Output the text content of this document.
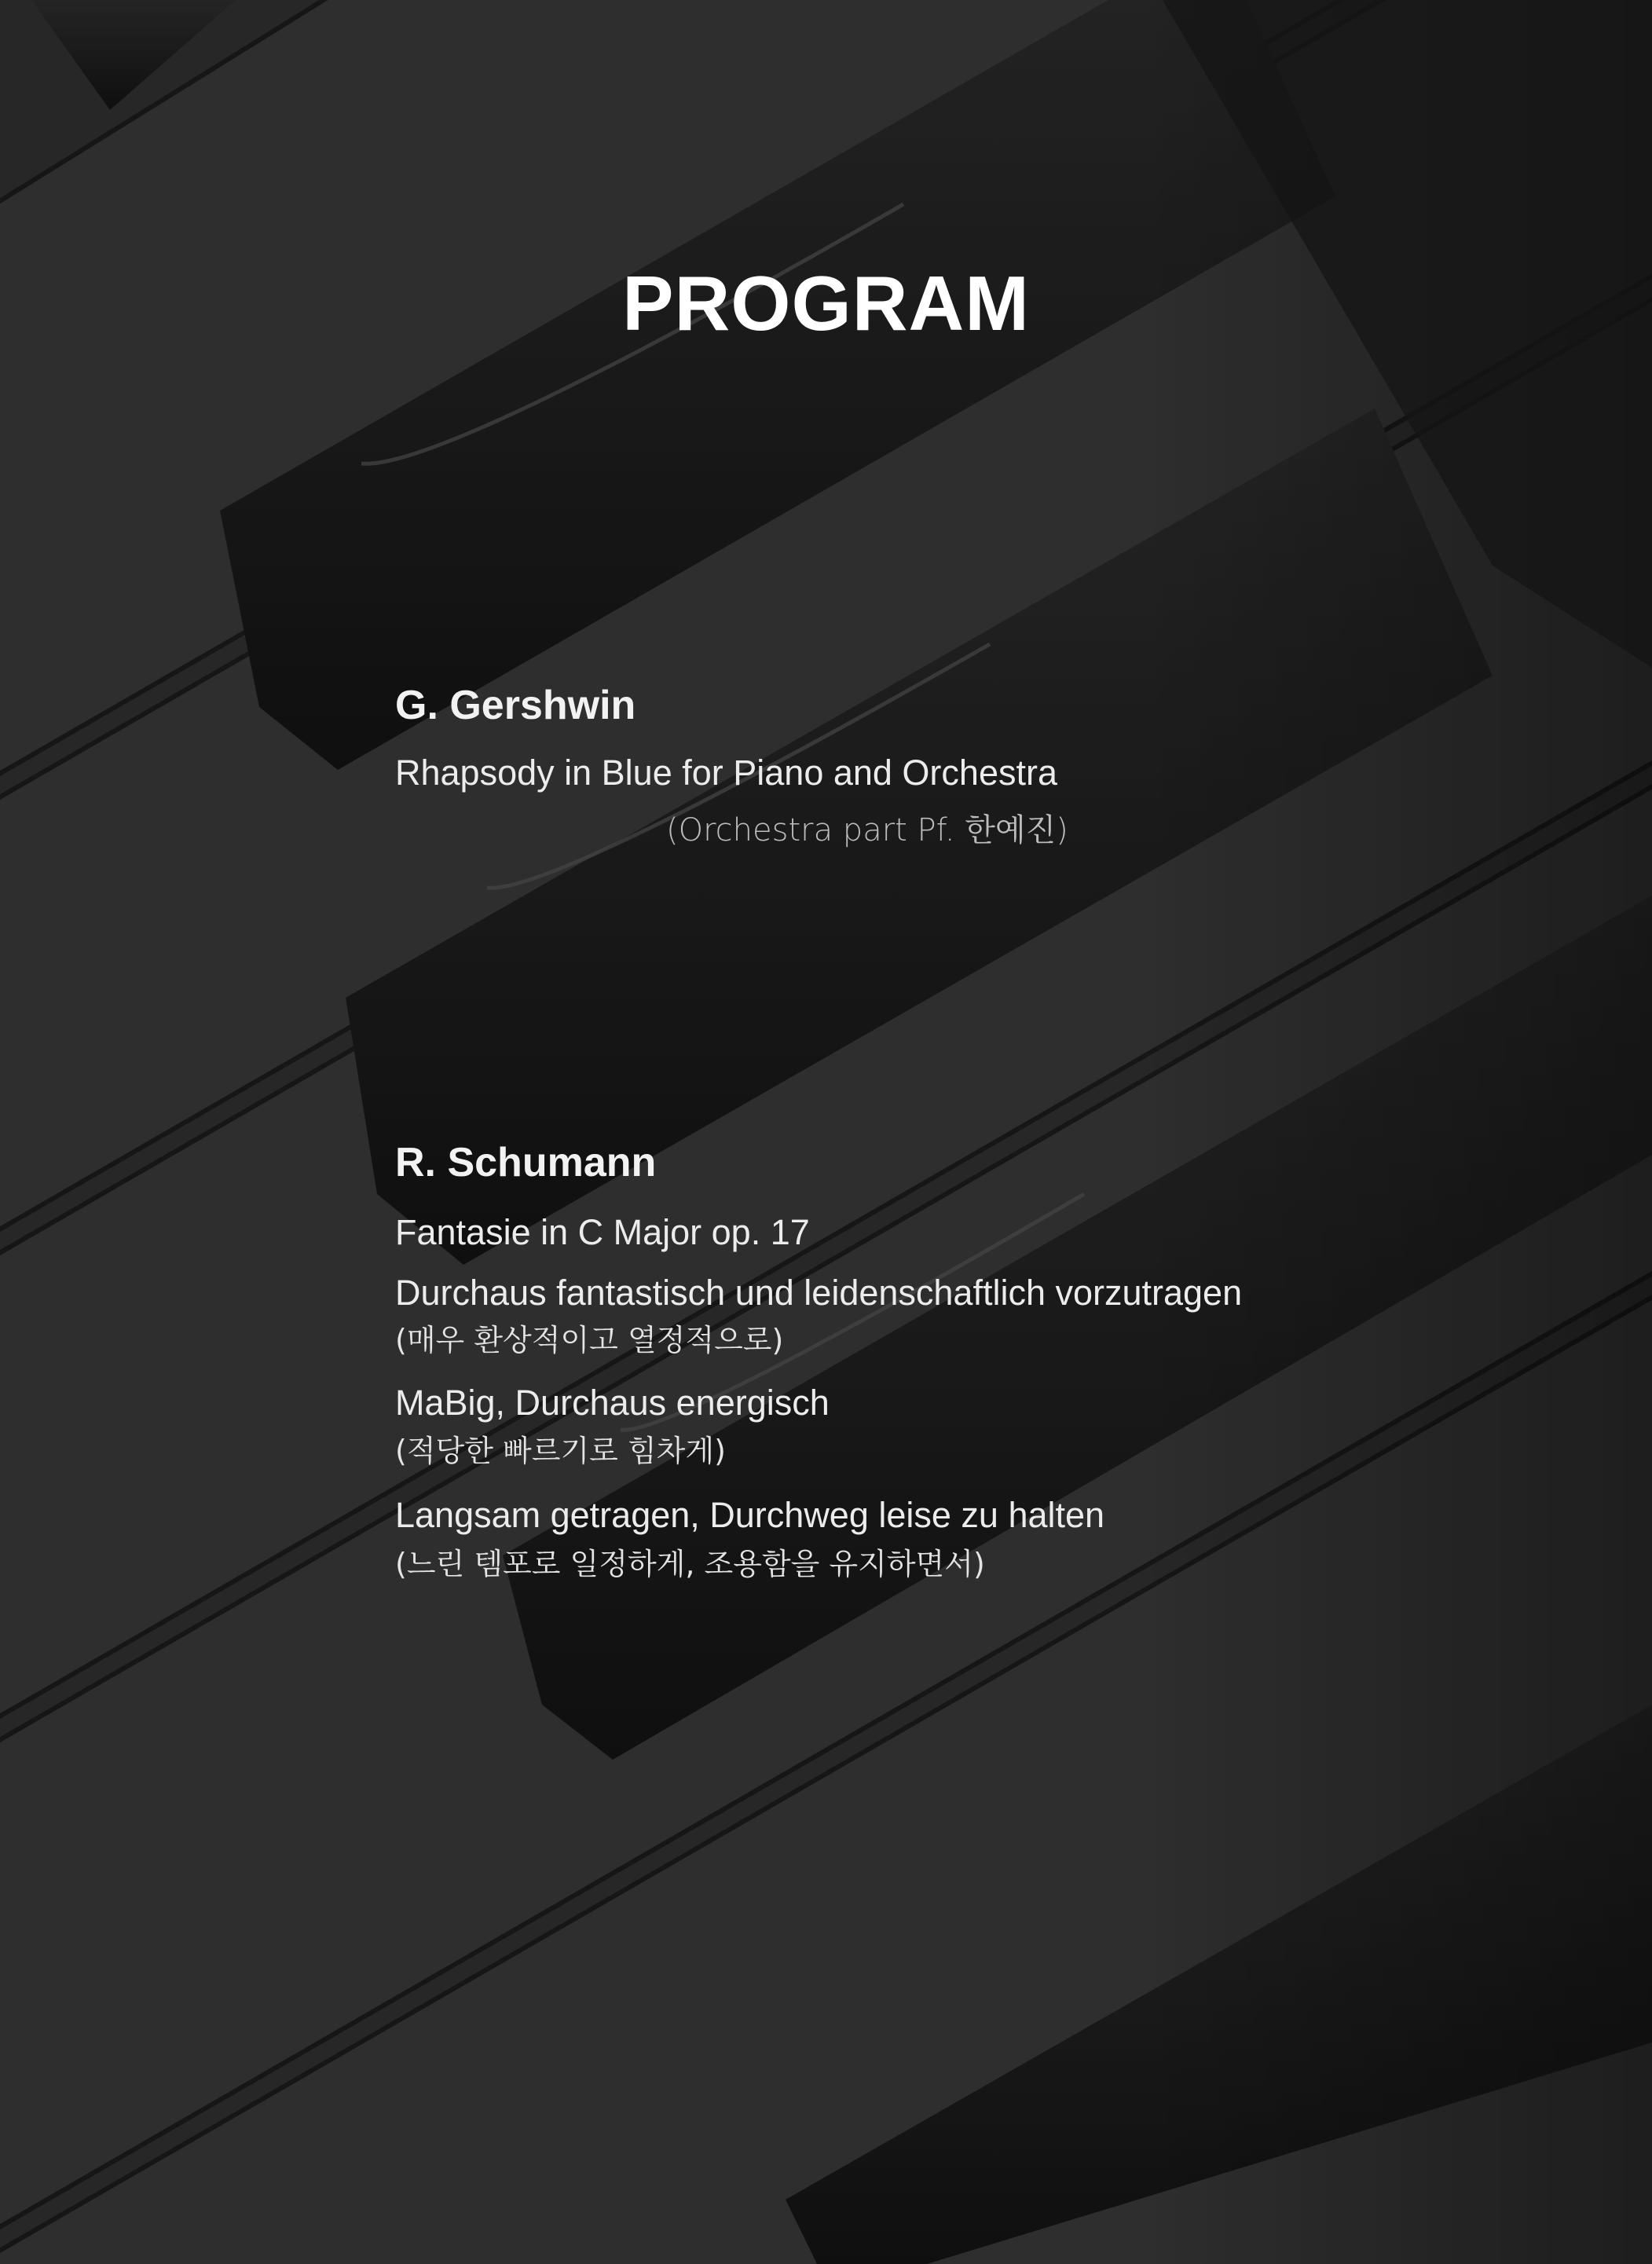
PROGRAM
G. Gershwin
Rhapsody in Blue for Piano and Orchestra
(Orchestra part Pf. 한예진)
R. Schumann
Fantasie in C Major op. 17
Durchaus fantastisch und leidenschaftlich vorzutragen
(매우 환상적이고 열정적으로)
MaBig, Durchaus energisch
(적당한 빠르기로 힘차게)
Langsam getragen, Durchweg leise zu halten
(느린 템포로 일정하게, 조용함을 유지하면서)
